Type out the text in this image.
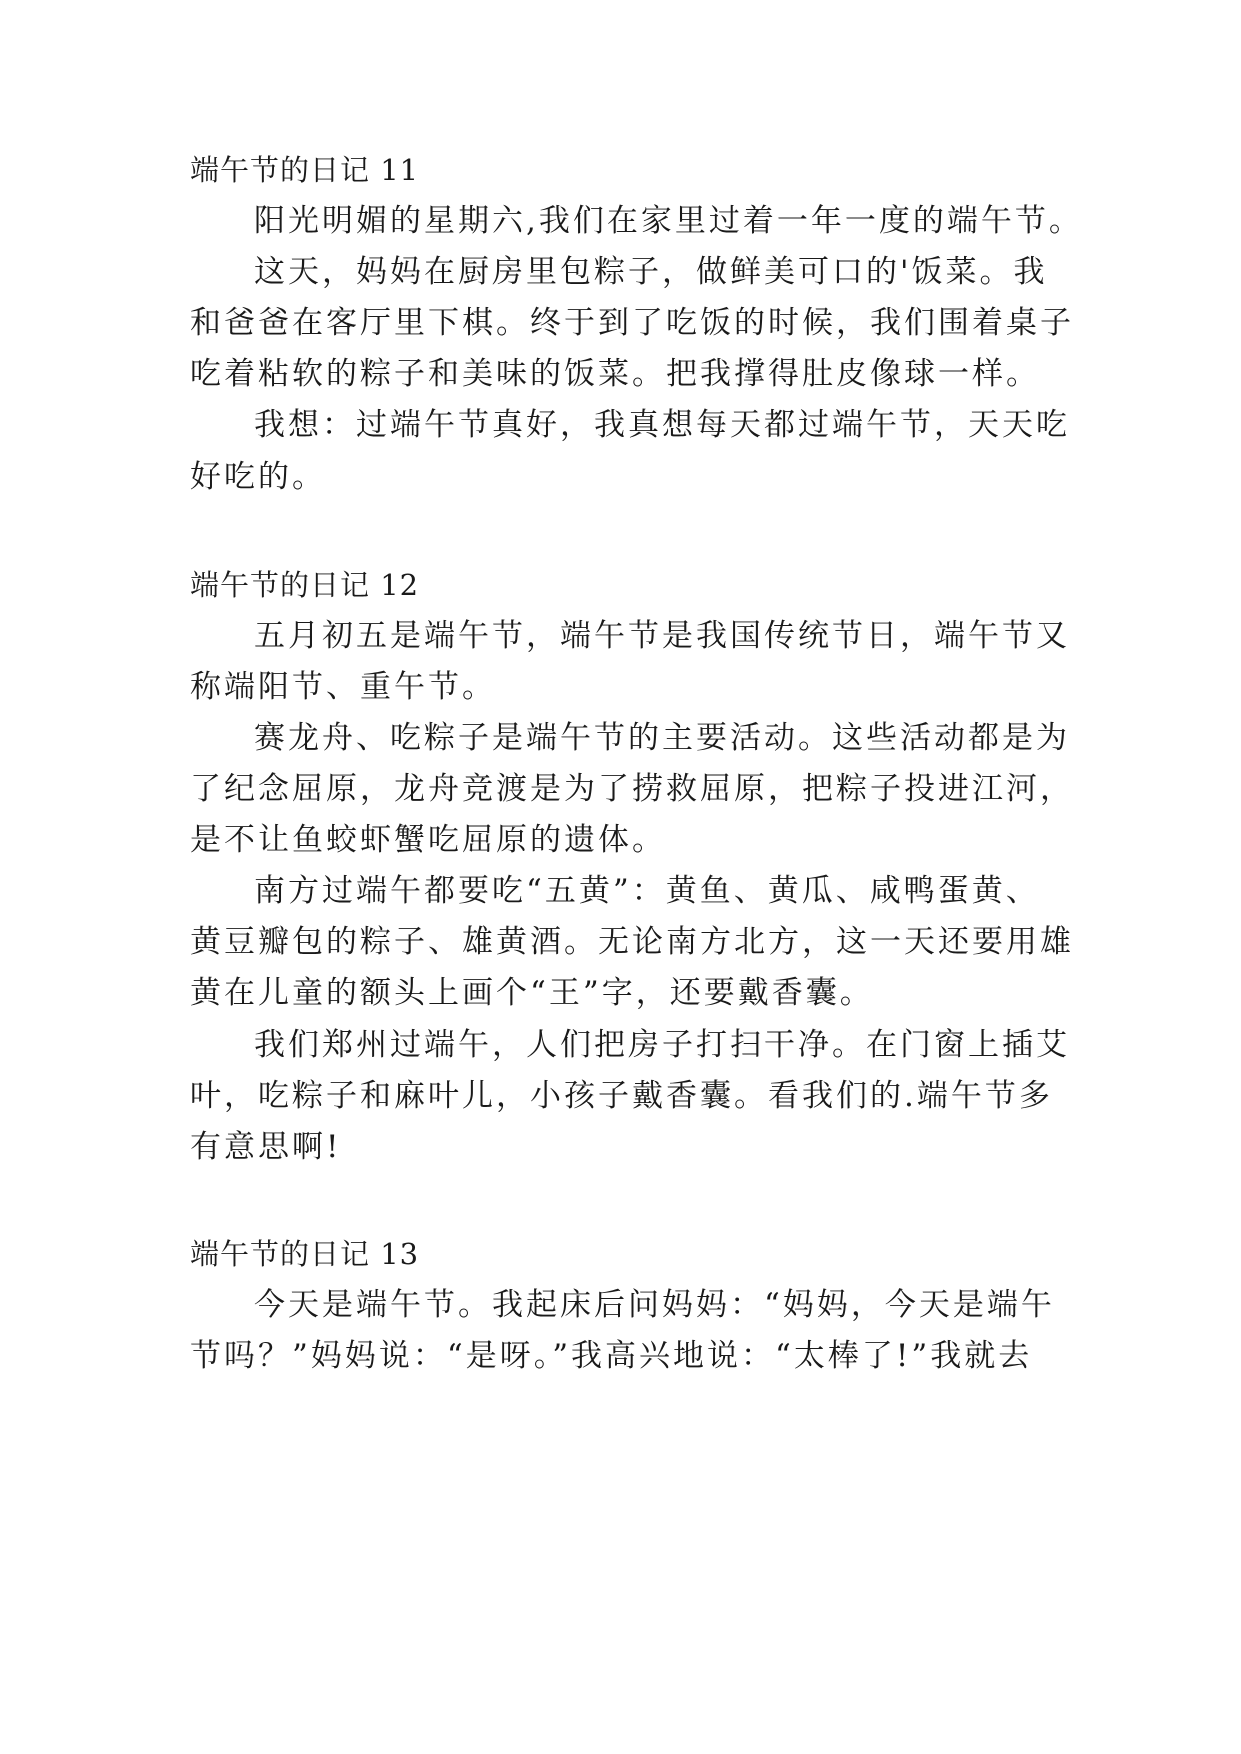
端午节的日记 11
阳光明媚的星期六,我们在家里过着一年一度的端午节。
这天，妈妈在厨房里包粽子，做鲜美可口的'饭菜。我
和爸爸在客厅里下棋。终于到了吃饭的时候，我们围着桌子
吃着粘软的粽子和美味的饭菜。把我撑得肚皮像球一样。
我想：过端午节真好，我真想每天都过端午节，天天吃
好吃的。
端午节的日记 12
五月初五是端午节，端午节是我国传统节日，端午节又
称端阳节、重午节。
赛龙舟、吃粽子是端午节的主要活动。这些活动都是为
了纪念屈原，龙舟竞渡是为了捞救屈原，把粽子投进江河，
是不让鱼蛟虾蟹吃屈原的遗体。
南方过端午都要吃“五黄”：黄鱼、黄瓜、咸鸭蛋黄、
黄豆瓣包的粽子、雄黄酒。无论南方北方，这一天还要用雄
黄在儿童的额头上画个“王”字，还要戴香囊。
我们郑州过端午，人们把房子打扫干净。在门窗上插艾
叶，吃粽子和麻叶儿，小孩子戴香囊。看我们的.端午节多
有意思啊!
端午节的日记 13
今天是端午节。我起床后问妈妈：“妈妈，今天是端午
节吗？”妈妈说：“是呀。”我高兴地说：“太棒了!”我就去
